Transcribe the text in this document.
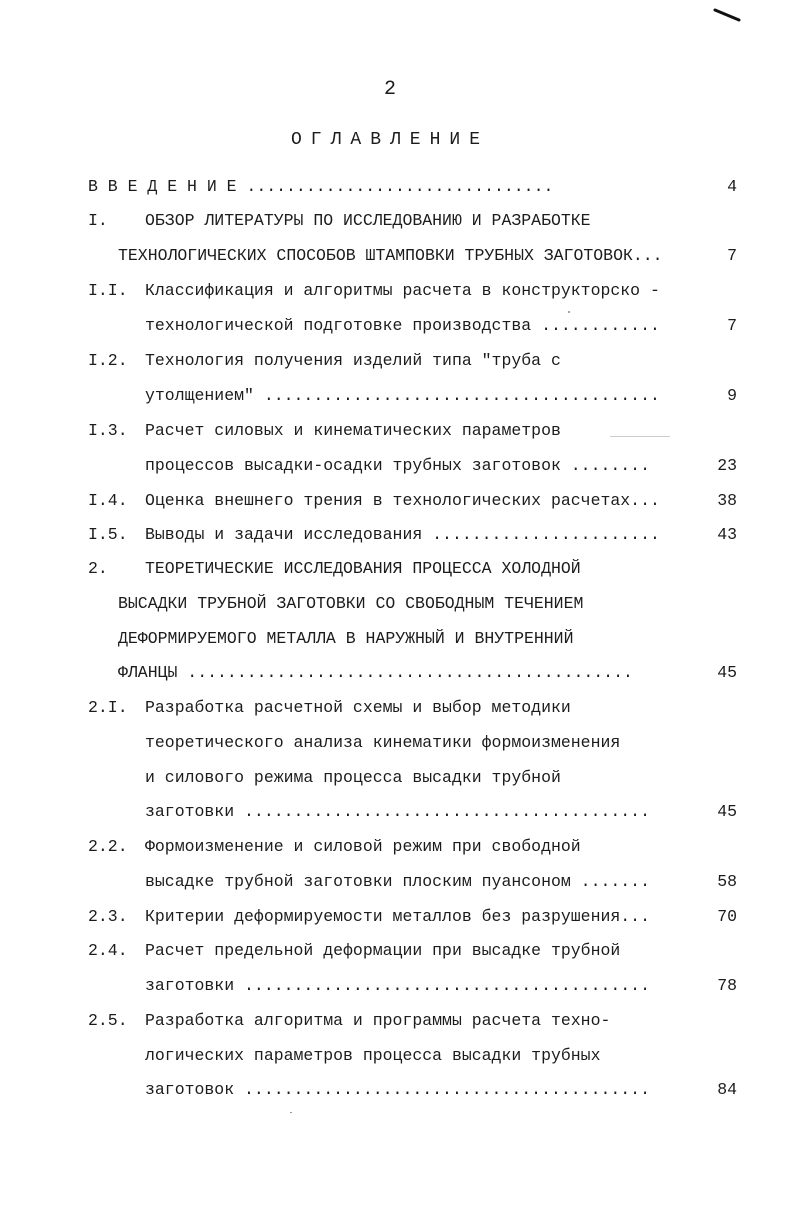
2
ОГЛАВЛЕНИЕ
В В Е Д Е Н И Е ...............................	4
I. ОБЗОР ЛИТЕРАТУРЫ ПО ИССЛЕДОВАНИЮ И РАЗРАБОТКЕ
ТЕХНОЛОГИЧЕСКИХ СПОСОБОВ ШТАМПОВКИ ТРУБНЫХ ЗАГОТОВОК...	7
I.I. Классификация и алгоритмы расчета в конструкторско -
технологической подготовке производства ............	7
I.2. Технология получения изделий типа "труба с
утолщением" ........................................	9
I.3. Расчет силовых и кинематических параметров
процессов высадки-осадки трубных заготовок ........	23
I.4. Оценка внешнего трения в технологических расчетах...	38
I.5. Выводы и задачи исследования .......................	43
2. ТЕОРЕТИЧЕСКИЕ ИССЛЕДОВАНИЯ ПРОЦЕССА ХОЛОДНОЙ
ВЫСАДКИ ТРУБНОЙ ЗАГОТОВКИ СО СВОБОДНЫМ ТЕЧЕНИЕМ
ДЕФОРМИРУЕМОГО МЕТАЛЛА В НАРУЖНЫЙ И ВНУТРЕННИЙ
ФЛАНЦЫ .............................................	45
2.I. Разработка расчетной схемы и выбор методики
теоретического анализа кинематики формоизменения
и силового режима процесса высадки трубной
заготовки .........................................	45
2.2. Формоизменение и силовой режим при свободной
высадке трубной заготовки плоским пуансоном .......	58
2.3. Критерии деформируемости металлов без разрушения...	70
2.4. Расчет предельной деформации при высадке трубной
заготовки .........................................	78
2.5. Разработка алгоритма и программы расчета техно-
логических параметров процесса высадки трубных
заготовок .........................................	84
